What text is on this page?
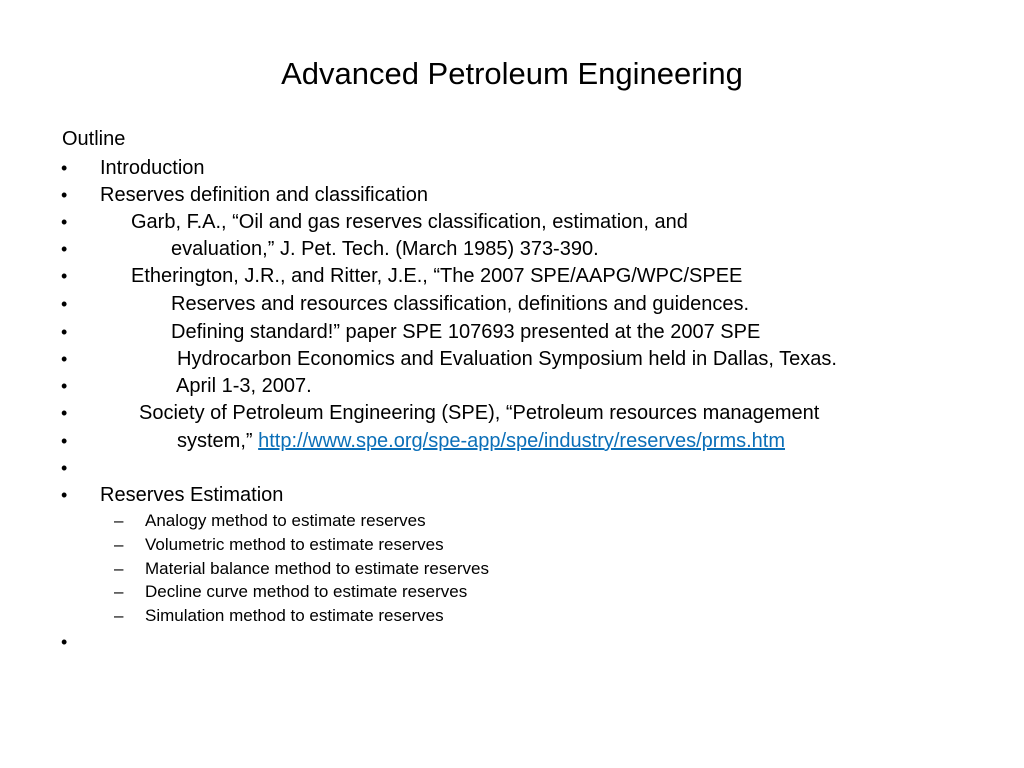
Advanced Petroleum Engineering
Outline
• Introduction
• Reserves definition and classification
•	Garb, F.A., “Oil and gas reserves classification, estimation, and
•	evaluation,” J. Pet. Tech. (March 1985) 373-390.
•	Etherington, J.R., and Ritter, J.E., “The 2007 SPE/AAPG/WPC/SPEE
•	Reserves and resources classification, definitions and guidences.
•	Defining standard!” paper SPE 107693 presented at the 2007 SPE
•	Hydrocarbon Economics and Evaluation Symposium held in Dallas, Texas.
•	April 1-3, 2007.
•	Society of Petroleum Engineering (SPE), “Petroleum resources management
•	system,” http://www.spe.org/spe-app/spe/industry/reserves/prms.htm
•
• Reserves Estimation
– Analogy method to estimate reserves
– Volumetric method to estimate reserves
– Material balance method to estimate reserves
– Decline curve method to estimate reserves
– Simulation method to estimate reserves
•
